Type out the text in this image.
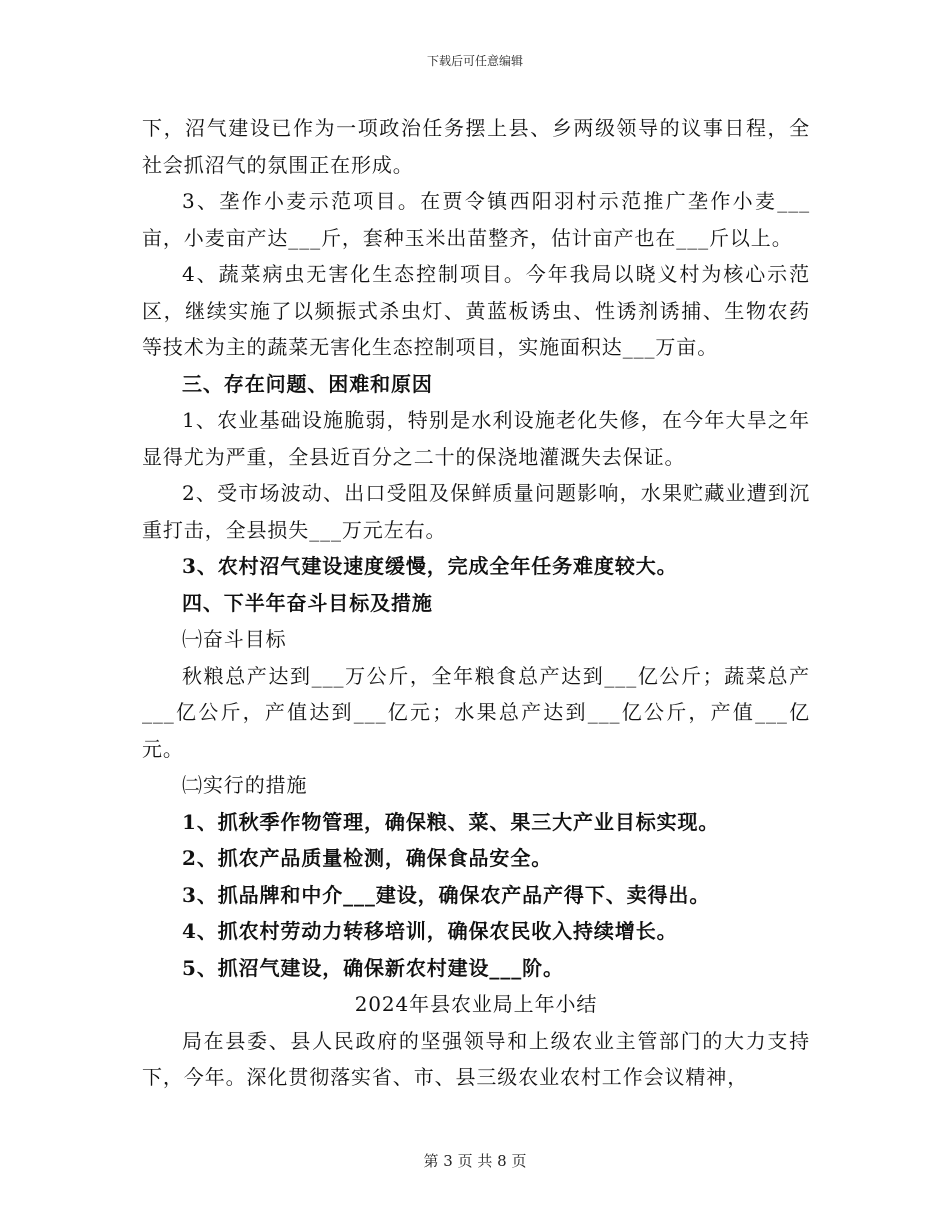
下载后可任意编辑

下，沼气建设已作为一项政治任务摆上县、乡两级领导的议事日程，全社会抓沼气的氛围正在形成。

3、垄作小麦示范项目。在贾令镇西阳羽村示范推广垄作小麦___亩，小麦亩产达___斤，套种玉米出苗整齐，估计亩产也在___斤以上。

4、蔬菜病虫无害化生态控制项目。今年我局以晓义村为核心示范区，继续实施了以频振式杀虫灯、黄蓝板诱虫、性诱剂诱捕、生物农药等技术为主的蔬菜无害化生态控制项目，实施面积达___万亩。

三、存在问题、困难和原因

1、农业基础设施脆弱，特别是水利设施老化失修，在今年大旱之年显得尤为严重，全县近百分之二十的保浇地灌溉失去保证。

2、受市场波动、出口受阻及保鲜质量问题影响，水果贮藏业遭到沉重打击，全县损失___万元左右。

3、农村沼气建设速度缓慢，完成全年任务难度较大。

四、下半年奋斗目标及措施

㈠奋斗目标

秋粮总产达到___万公斤，全年粮食总产达到___亿公斤；蔬菜总产___亿公斤，产值达到___亿元；水果总产达到___亿公斤，产值___亿元。

㈡实行的措施

1、抓秋季作物管理，确保粮、菜、果三大产业目标实现。

2、抓农产品质量检测，确保食品安全。

3、抓品牌和中介___建设，确保农产品产得下、卖得出。

4、抓农村劳动力转移培训，确保农民收入持续增长。

5、抓沼气建设，确保新农村建设___阶。

2024年县农业局上年小结

局在县委、县人民政府的坚强领导和上级农业主管部门的大力支持下，今年。深化贯彻落实省、市、县三级农业农村工作会议精神，

第 3 页 共 8 页
